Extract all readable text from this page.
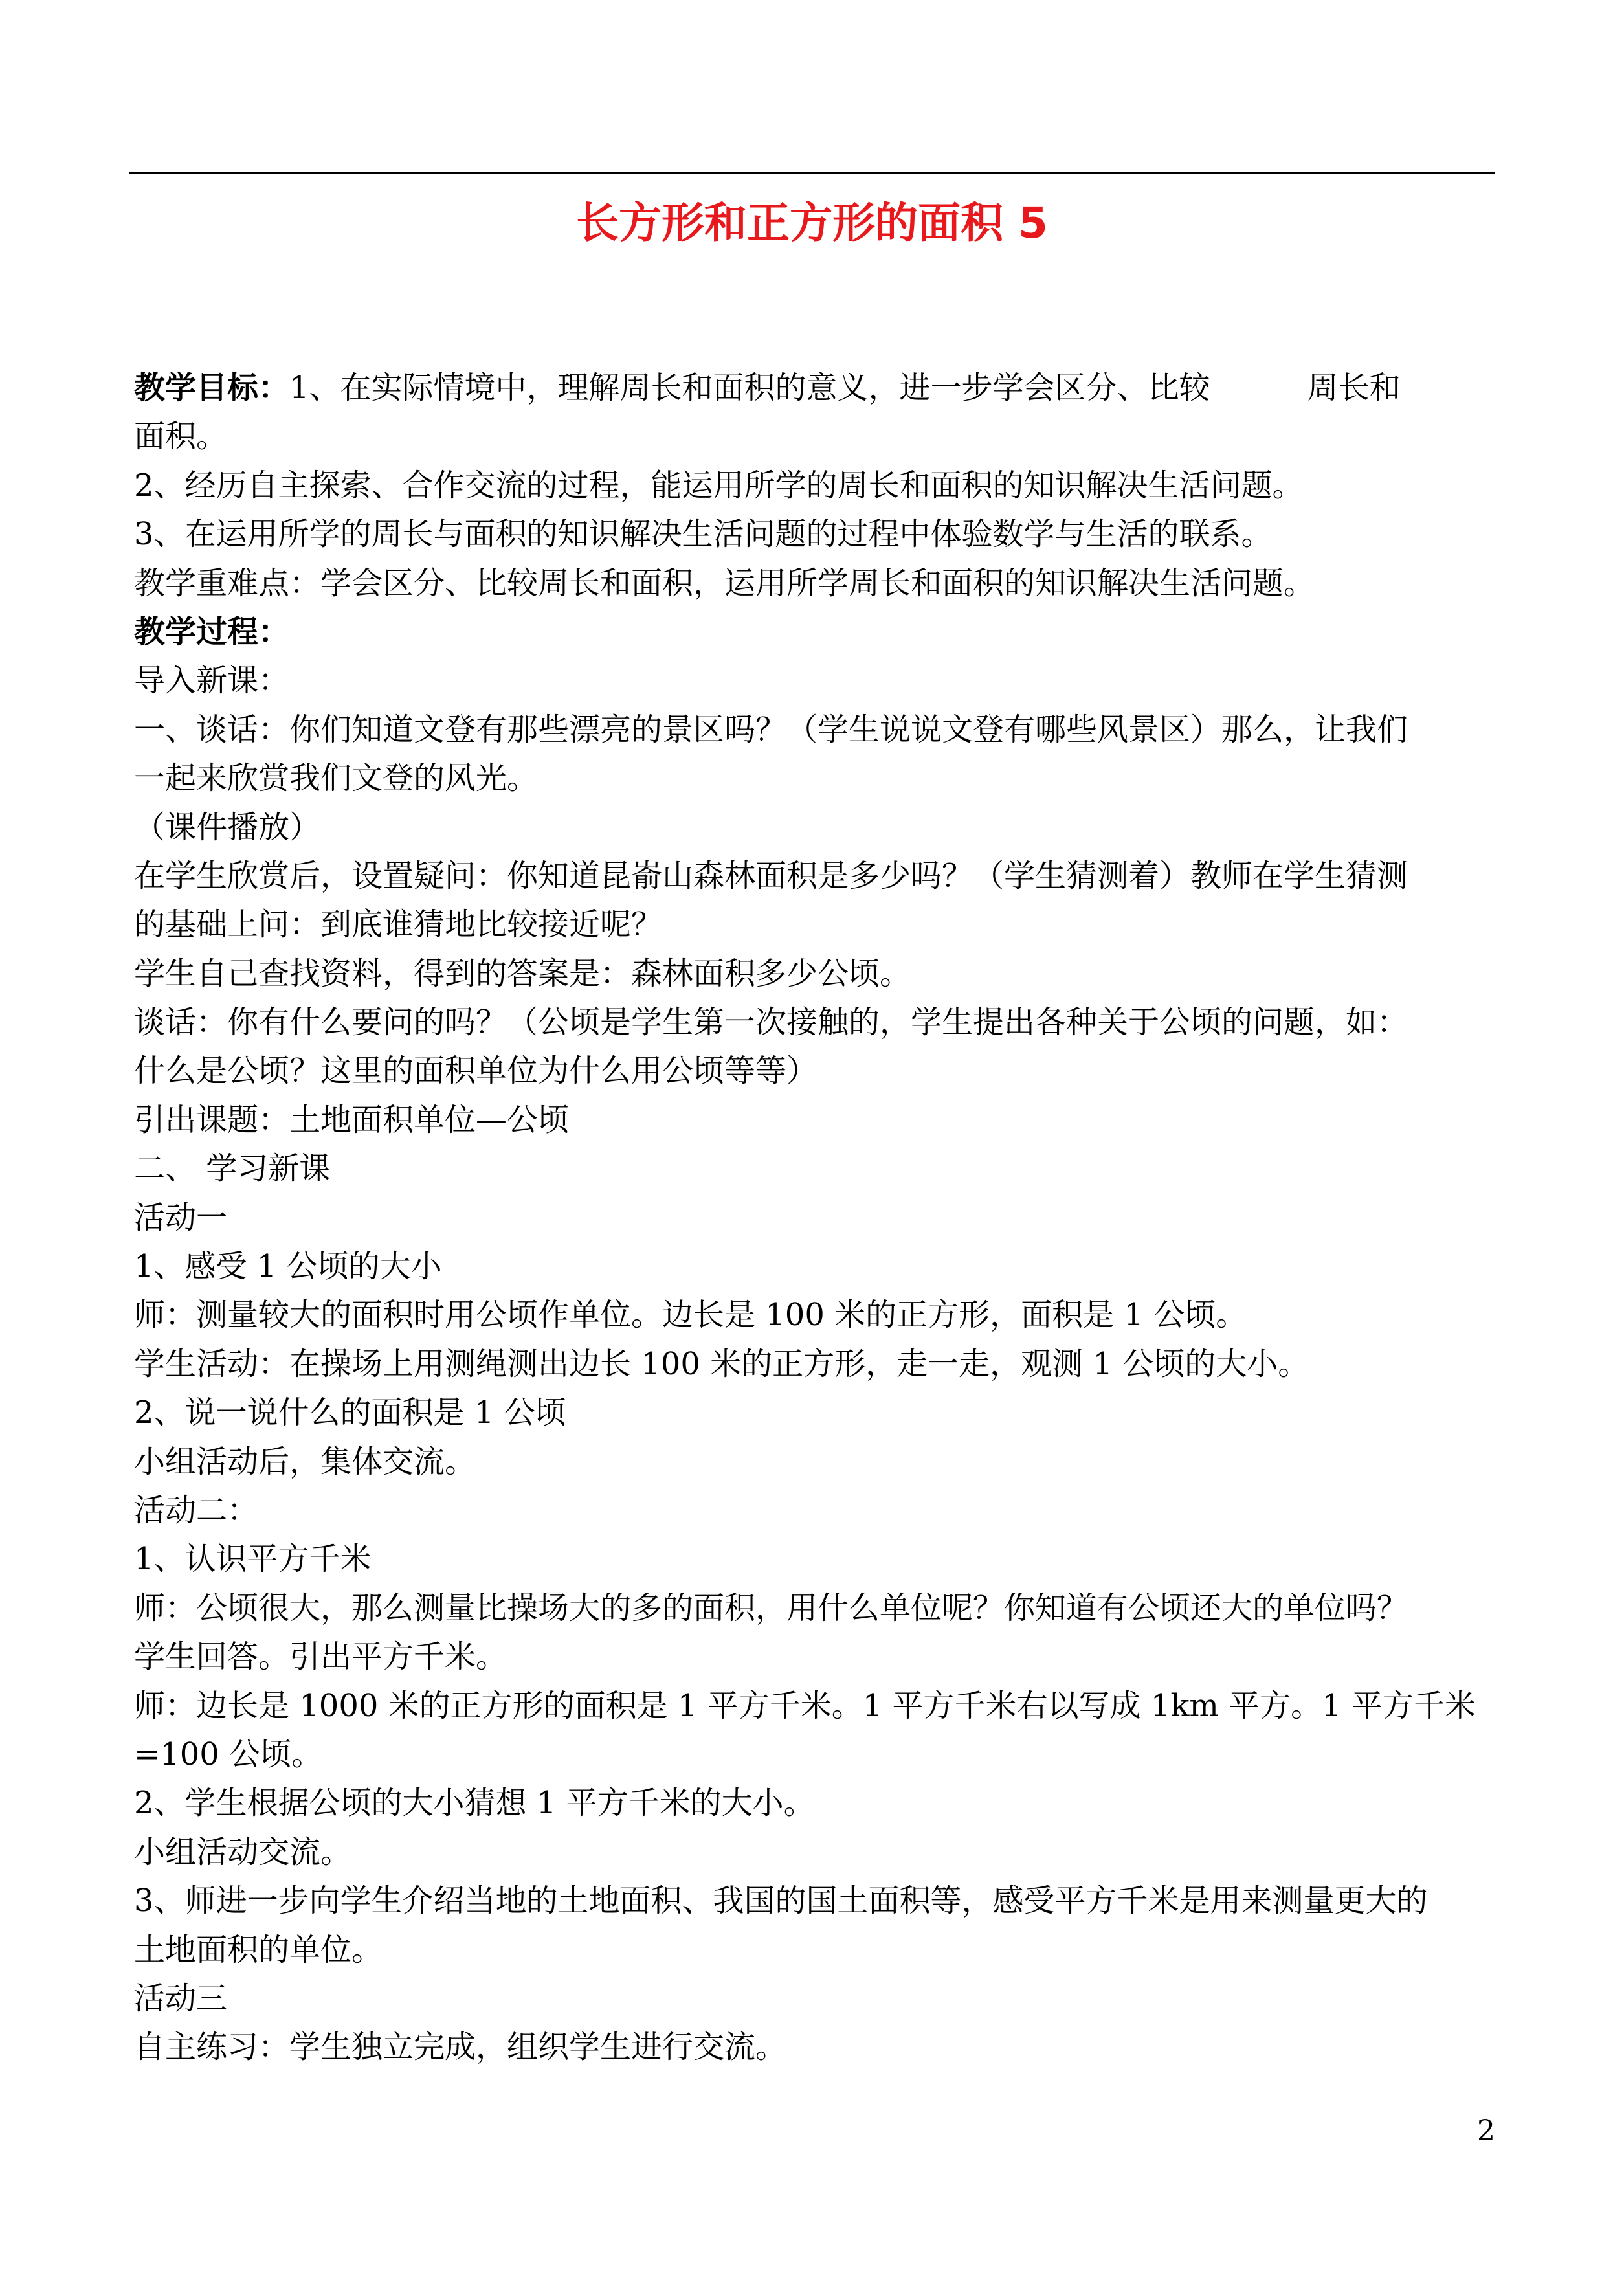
长方形和正方形的面积 5

教学目标：1、在实际情境中，理解周长和面积的意义，进一步学会区分、比较	周长和

面积。

2、经历自主探索、合作交流的过程，能运用所学的周长和面积的知识解决生活问题。

3、在运用所学的周长与面积的知识解决生活问题的过程中体验数学与生活的联系。

教学重难点：学会区分、比较周长和面积，运用所学周长和面积的知识解决生活问题。

教学过程：

导入新课：

一、谈话：你们知道文登有那些漂亮的景区吗？（学生说说文登有哪些风景区）那么，让我们

一起来欣赏我们文登的风光。

（课件播放）

在学生欣赏后，设置疑问：你知道昆嵛山森林面积是多少吗？（学生猜测着）教师在学生猜测

的基础上问：到底谁猜地比较接近呢？

学生自己查找资料，得到的答案是：森林面积多少公顷。

谈话：你有什么要问的吗？（公顷是学生第一次接触的，学生提出各种关于公顷的问题，如：

什么是公顷？这里的面积单位为什么用公顷等等）

引出课题：土地面积单位—公顷

二、 学习新课

活动一

1、感受 1 公顷的大小

师：测量较大的面积时用公顷作单位。边长是 100 米的正方形，面积是 1 公顷。

学生活动：在操场上用测绳测出边长 100 米的正方形，走一走，观测 1 公顷的大小。

2、说一说什么的面积是 1 公顷

小组活动后，集体交流。

活动二：

1、认识平方千米

师：公顷很大，那么测量比操场大的多的面积，用什么单位呢？你知道有公顷还大的单位吗？

学生回答。引出平方千米。

师：边长是 1000 米的正方形的面积是 1 平方千米。1 平方千米右以写成 1km 平方。1 平方千米

=100 公顷。

2、学生根据公顷的大小猜想 1 平方千米的大小。

小组活动交流。

3、师进一步向学生介绍当地的土地面积、我国的国土面积等，感受平方千米是用来测量更大的

土地面积的单位。

活动三

自主练习：学生独立完成，组织学生进行交流。

2
